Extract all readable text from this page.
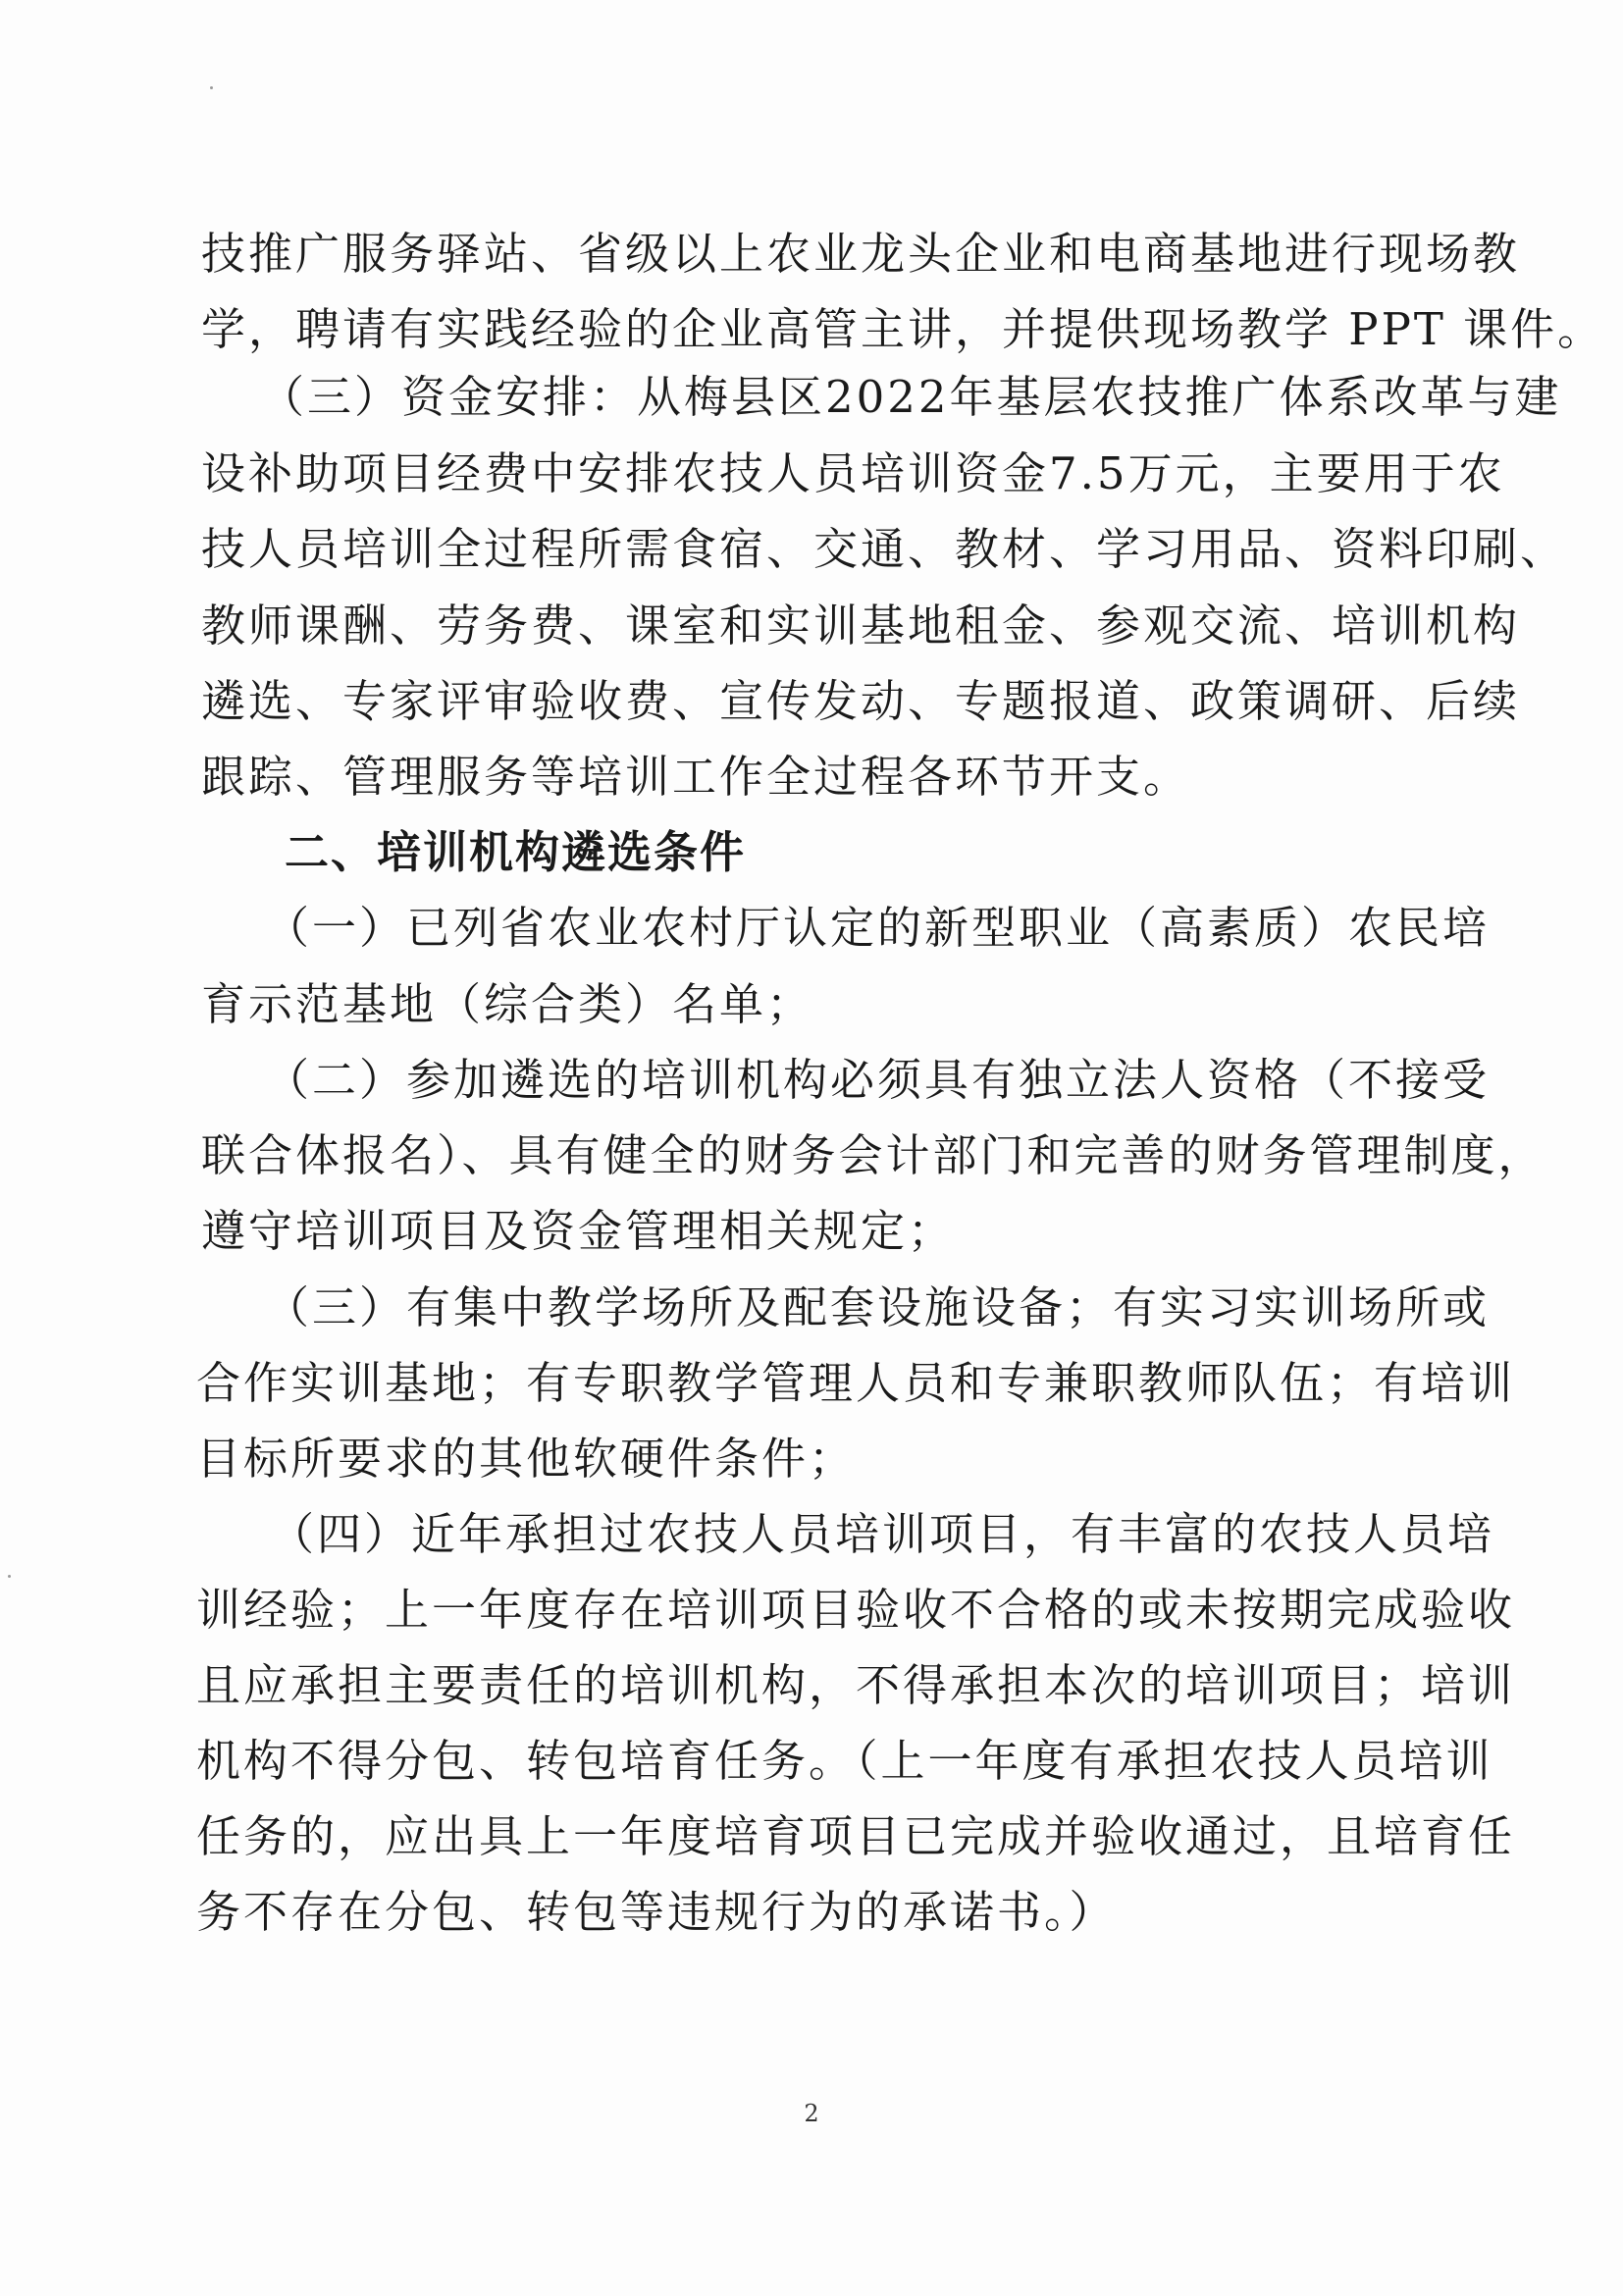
技推广服务驿站、省级以上农业龙头企业和电商基地进行现场教
学，聘请有实践经验的企业高管主讲，并提供现场教学 PPT 课件。
（三）资金安排：从梅县区2022年基层农技推广体系改革与建
设补助项目经费中安排农技人员培训资金7.5万元，主要用于农
技人员培训全过程所需食宿、交通、教材、学习用品、资料印刷、
教师课酬、劳务费、课室和实训基地租金、参观交流、培训机构
遴选、专家评审验收费、宣传发动、专题报道、政策调研、后续
跟踪、管理服务等培训工作全过程各环节开支。
二、培训机构遴选条件
（一）已列省农业农村厅认定的新型职业（高素质）农民培
育示范基地（综合类）名单；
（二）参加遴选的培训机构必须具有独立法人资格（不接受
联合体报名）、具有健全的财务会计部门和完善的财务管理制度，
遵守培训项目及资金管理相关规定；
（三）有集中教学场所及配套设施设备；有实习实训场所或
合作实训基地；有专职教学管理人员和专兼职教师队伍；有培训
目标所要求的其他软硬件条件；
（四）近年承担过农技人员培训项目，有丰富的农技人员培
训经验；上一年度存在培训项目验收不合格的或未按期完成验收
且应承担主要责任的培训机构，不得承担本次的培训项目；培训
机构不得分包、转包培育任务。（上一年度有承担农技人员培训
任务的，应出具上一年度培育项目已完成并验收通过，且培育任
务不存在分包、转包等违规行为的承诺书。）
2
